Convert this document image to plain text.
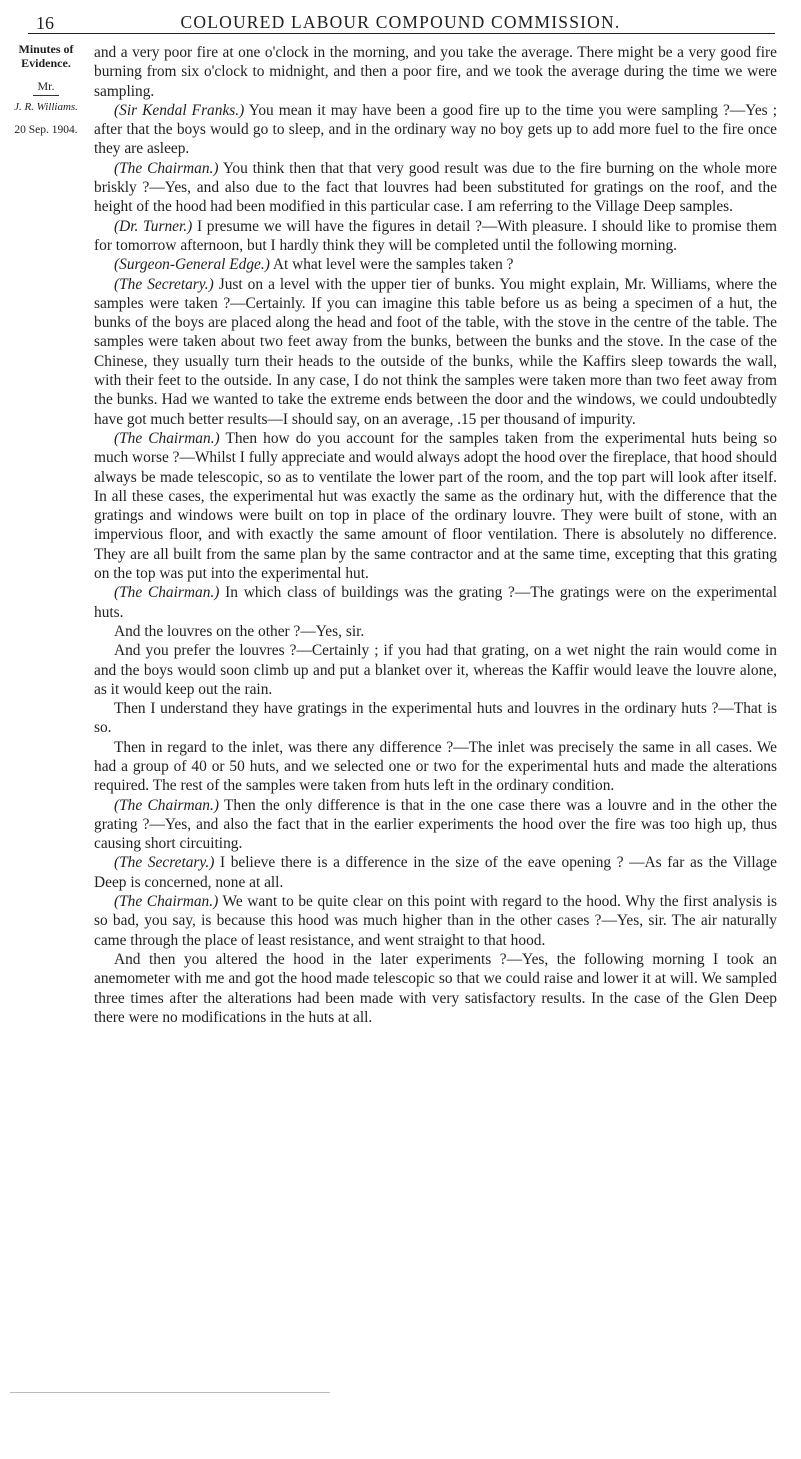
16	COLOURED LABOUR COMPOUND COMMISSION.
Minutes of
Evidence.
Mr.
J. R. Williams.
20 Sep. 1904.

and a very poor fire at one o'clock in the morning, and you take the average. There might be a very good fire burning from six o'clock to midnight, and then a poor fire, and we took the average during the time we were sampling.

(Sir Kendal Franks.) You mean it may have been a good fire up to the time you were sampling ?—Yes ; after that the boys would go to sleep, and in the ordinary way no boy gets up to add more fuel to the fire once they are asleep.

(The Chairman.) You think then that that very good result was due to the fire burning on the whole more briskly ?—Yes, and also due to the fact that louvres had been substituted for gratings on the roof, and the height of the hood had been modified in this particular case. I am referring to the Village Deep samples.

(Dr. Turner.) I presume we will have the figures in detail ?—With pleasure. I should like to promise them for tomorrow afternoon, but I hardly think they will be completed until the following morning.

(Surgeon-General Edge.) At what level were the samples taken ?

(The Secretary.) Just on a level with the upper tier of bunks. You might explain, Mr. Williams, where the samples were taken ?—Certainly. If you can imagine this table before us as being a specimen of a hut, the bunks of the boys are placed along the head and foot of the table, with the stove in the centre of the table. The samples were taken about two feet away from the bunks, between the bunks and the stove. In the case of the Chinese, they usually turn their heads to the outside of the bunks, while the Kaffirs sleep towards the wall, with their feet to the outside. In any case, I do not think the samples were taken more than two feet away from the bunks. Had we wanted to take the extreme ends between the door and the windows, we could undoubtedly have got much better results—I should say, on an average, .15 per thousand of impurity.

(The Chairman.) Then how do you account for the samples taken from the experimental huts being so much worse ?—Whilst I fully appreciate and would always adopt the hood over the fireplace, that hood should always be made telescopic, so as to ventilate the lower part of the room, and the top part will look after itself. In all these cases, the experimental hut was exactly the same as the ordinary hut, with the difference that the gratings and windows were built on top in place of the ordinary louvre. They were built of stone, with an impervious floor, and with exactly the same amount of floor ventilation. There is absolutely no difference. They are all built from the same plan by the same contractor and at the same time, excepting that this grating on the top was put into the experimental hut.

(The Chairman.) In which class of buildings was the grating ?—The gratings were on the experimental huts.

And the louvres on the other ?—Yes, sir.

And you prefer the louvres ?—Certainly ; if you had that grating, on a wet night the rain would come in and the boys would soon climb up and put a blanket over it, whereas the Kaffir would leave the louvre alone, as it would keep out the rain.

Then I understand they have gratings in the experimental huts and louvres in the ordinary huts ?—That is so.

Then in regard to the inlet, was there any difference ?—The inlet was precisely the same in all cases. We had a group of 40 or 50 huts, and we selected one or two for the experimental huts and made the alterations required. The rest of the samples were taken from huts left in the ordinary condition.

(The Chairman.) Then the only difference is that in the one case there was a louvre and in the other the grating ?—Yes, and also the fact that in the earlier experiments the hood over the fire was too high up, thus causing short circuiting.

(The Secretary.) I believe there is a difference in the size of the eave opening ? —As far as the Village Deep is concerned, none at all.

(The Chairman.) We want to be quite clear on this point with regard to the hood. Why the first analysis is so bad, you say, is because this hood was much higher than in the other cases ?—Yes, sir. The air naturally came through the place of least resistance, and went straight to that hood.

And then you altered the hood in the later experiments ?—Yes, the following morning I took an anemometer with me and got the hood made telescopic so that we could raise and lower it at will. We sampled three times after the alterations had been made with very satisfactory results. In the case of the Glen Deep there were no modifications in the huts at all.
